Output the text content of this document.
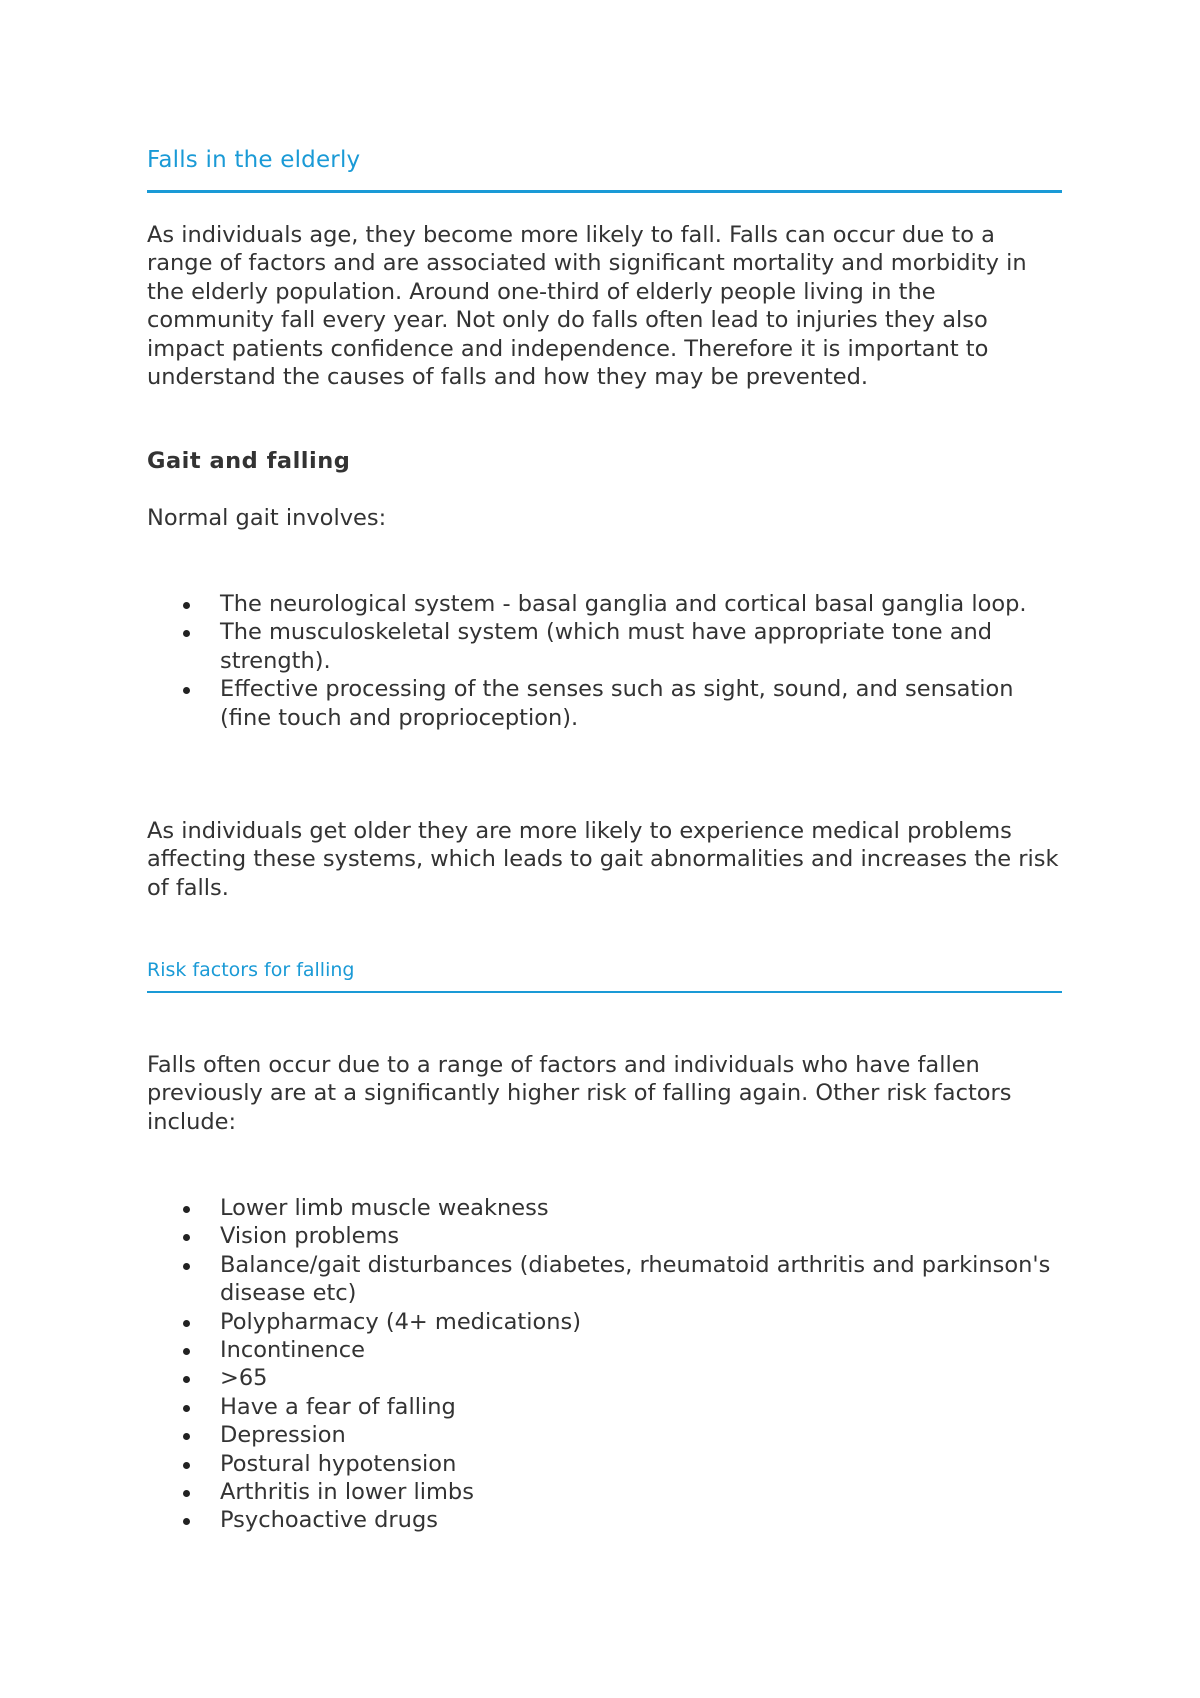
Falls in the elderly

As individuals age, they become more likely to fall. Falls can occur due to a range of factors and are associated with significant mortality and morbidity in the elderly population. Around one-third of elderly people living in the community fall every year. Not only do falls often lead to injuries they also impact patients confidence and independence. Therefore it is important to understand the causes of falls and how they may be prevented.

Gait and falling

Normal gait involves:

The neurological system - basal ganglia and cortical basal ganglia loop.
The musculoskeletal system (which must have appropriate tone and strength).
Effective processing of the senses such as sight, sound, and sensation (fine touch and proprioception).

As individuals get older they are more likely to experience medical problems affecting these systems, which leads to gait abnormalities and increases the risk of falls.

Risk factors for falling

Falls often occur due to a range of factors and individuals who have fallen previously are at a significantly higher risk of falling again. Other risk factors include:

Lower limb muscle weakness
Vision problems
Balance/gait disturbances (diabetes, rheumatoid arthritis and parkinson's disease etc)
Polypharmacy (4+ medications)
Incontinence
>65
Have a fear of falling
Depression
Postural hypotension
Arthritis in lower limbs
Psychoactive drugs
